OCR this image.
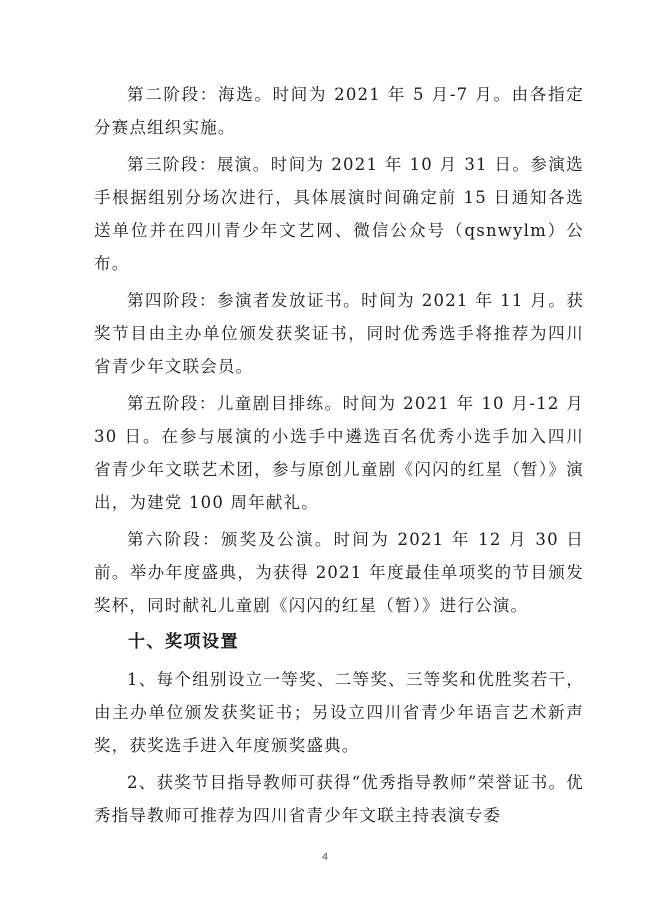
第二阶段：海选。时间为 2021 年 5 月-7 月。由各指定分赛点组织实施。

第三阶段：展演。时间为 2021 年 10 月 31 日。参演选手根据组别分场次进行，具体展演时间确定前 15 日通知各选送单位并在四川青少年文艺网、微信公众号（qsnwylm）公布。

第四阶段：参演者发放证书。时间为 2021 年 11 月。获奖节目由主办单位颁发获奖证书，同时优秀选手将推荐为四川省青少年文联会员。

第五阶段：儿童剧目排练。时间为 2021 年 10 月-12 月 30 日。在参与展演的小选手中遴选百名优秀小选手加入四川省青少年文联艺术团，参与原创儿童剧《闪闪的红星（暂）》演出，为建党 100 周年献礼。

第六阶段：颁奖及公演。时间为 2021 年 12 月 30 日前。举办年度盛典，为获得 2021 年度最佳单项奖的节目颁发奖杯，同时献礼儿童剧《闪闪的红星（暂）》进行公演。

十、奖项设置

1、每个组别设立一等奖、二等奖、三等奖和优胜奖若干，由主办单位颁发获奖证书；另设立四川省青少年语言艺术新声奖，获奖选手进入年度颁奖盛典。

2、获奖节目指导教师可获得“优秀指导教师”荣誉证书。优秀指导教师可推荐为四川省青少年文联主持表演专委

4
